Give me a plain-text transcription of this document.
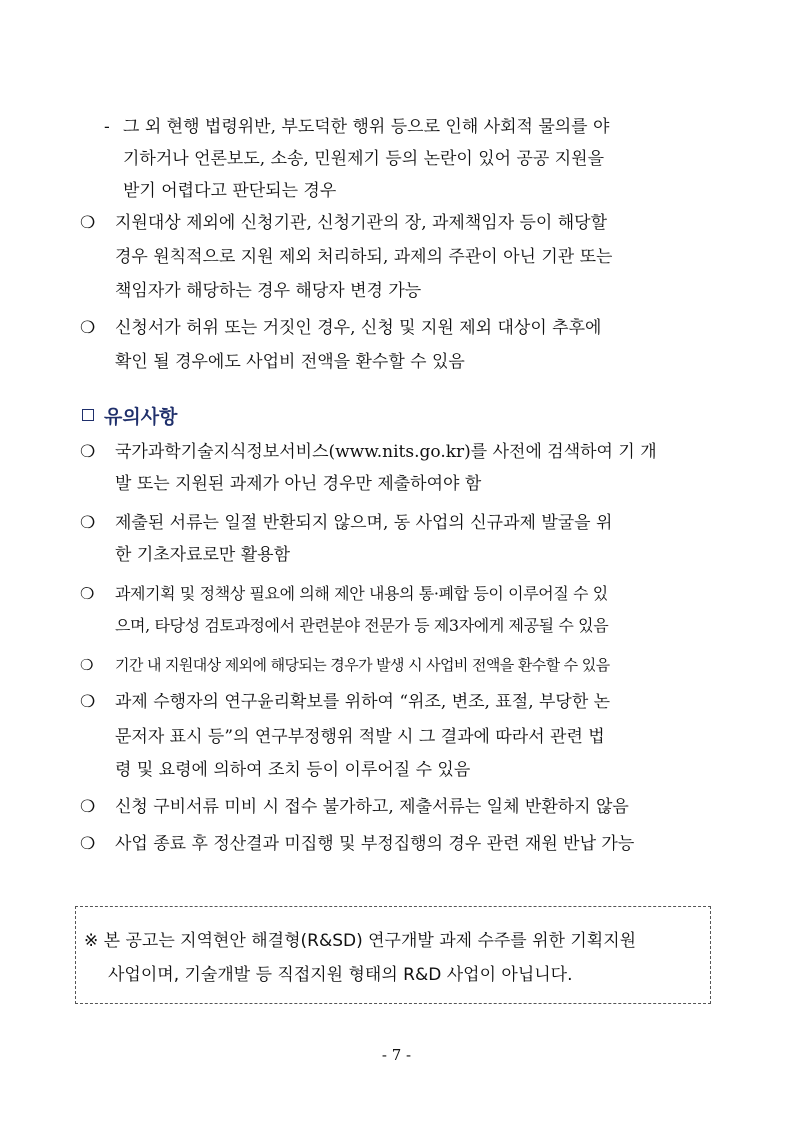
- 그 외 현행 법령위반, 부도덕한 행위 등으로 인해 사회적 물의를 야
기하거나 언론보도, 소송, 민원제기 등의 논란이 있어 공공 지원을
받기 어렵다고 판단되는 경우
❍ 지원대상 제외에 신청기관, 신청기관의 장, 과제책임자 등이 해당할
경우 원칙적으로 지원 제외 처리하되, 과제의 주관이 아닌 기관 또는
책임자가 해당하는 경우 해당자 변경 가능
❍ 신청서가 허위 또는 거짓인 경우, 신청 및 지원 제외 대상이 추후에
확인 될 경우에도 사업비 전액을 환수할 수 있음
유의사항
❍ 국가과학기술지식정보서비스(www.nits.go.kr)를 사전에 검색하여 기 개
발 또는 지원된 과제가 아닌 경우만 제출하여야 함
❍ 제출된 서류는 일절 반환되지 않으며, 동 사업의 신규과제 발굴을 위
한 기초자료로만 활용함
❍ 과제기획 및 정책상 필요에 의해 제안 내용의 통·폐합 등이 이루어질 수 있
으며, 타당성 검토과정에서 관련분야 전문가 등 제3자에게 제공될 수 있음
❍ 기간 내 지원대상 제외에 해당되는 경우가 발생 시 사업비 전액을 환수할 수 있음
❍ 과제 수행자의 연구윤리확보를 위하여 “위조, 변조, 표절, 부당한 논
문저자 표시 등”의 연구부정행위 적발 시 그 결과에 따라서 관련 법
령 및 요령에 의하여 조치 등이 이루어질 수 있음
❍ 신청 구비서류 미비 시 접수 불가하고, 제출서류는 일체 반환하지 않음
❍ 사업 종료 후 정산결과 미집행 및 부정집행의 경우 관련 재원 반납 가능
※ 본 공고는 지역현안 해결형(R&SD) 연구개발 과제 수주를 위한 기획지원
사업이며, 기술개발 등 직접지원 형태의 R&D 사업이 아닙니다.
- 7 -
